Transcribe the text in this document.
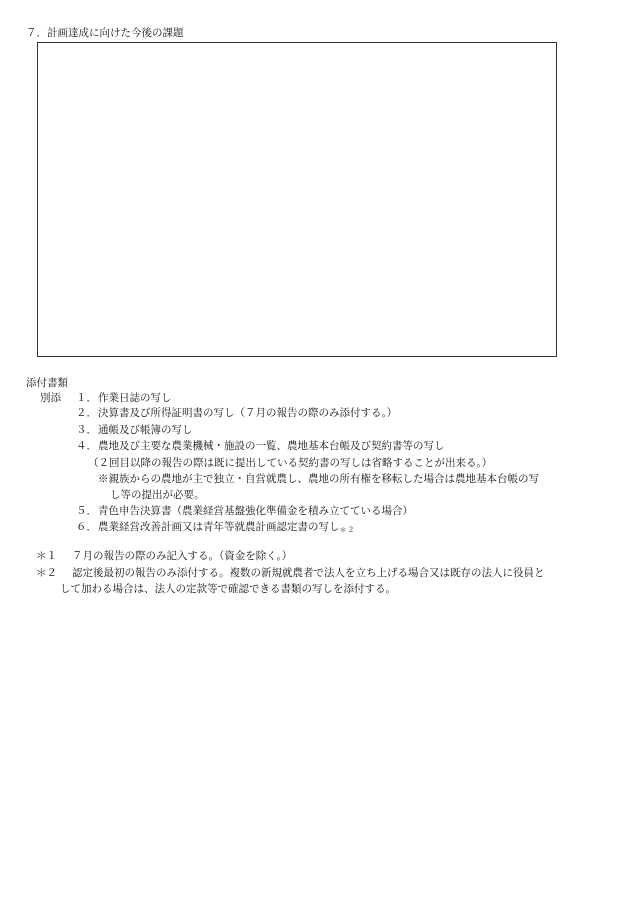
７．計画達成に向けた今後の課題
添付書類
別添 １．作業日誌の写し
２．決算書及び所得証明書の写し（７月の報告の際のみ添付する。）
３．通帳及び帳簿の写し
４．農地及び主要な農業機械・施設の一覧、農地基本台帳及び契約書等の写し
（２回目以降の報告の際は既に提出している契約書の写しは省略することが出来る。）
※親族からの農地が主で独立・自営就農し、農地の所有権を移転した場合は農地基本台帳の写
し等の提出が必要。
５．青色申告決算書（農業経営基盤強化準備金を積み立てている場合）
６．農業経営改善計画又は青年等就農計画認定書の写し$_{*2}$
＊１ ７月の報告の際のみ記入する。（資金を除く。）
＊２ 認定後最初の報告のみ添付する。複数の新規就農者で法人を立ち上げる場合又は既存の法人に役員と
して加わる場合は、法人の定款等で確認できる書類の写しを添付する。
